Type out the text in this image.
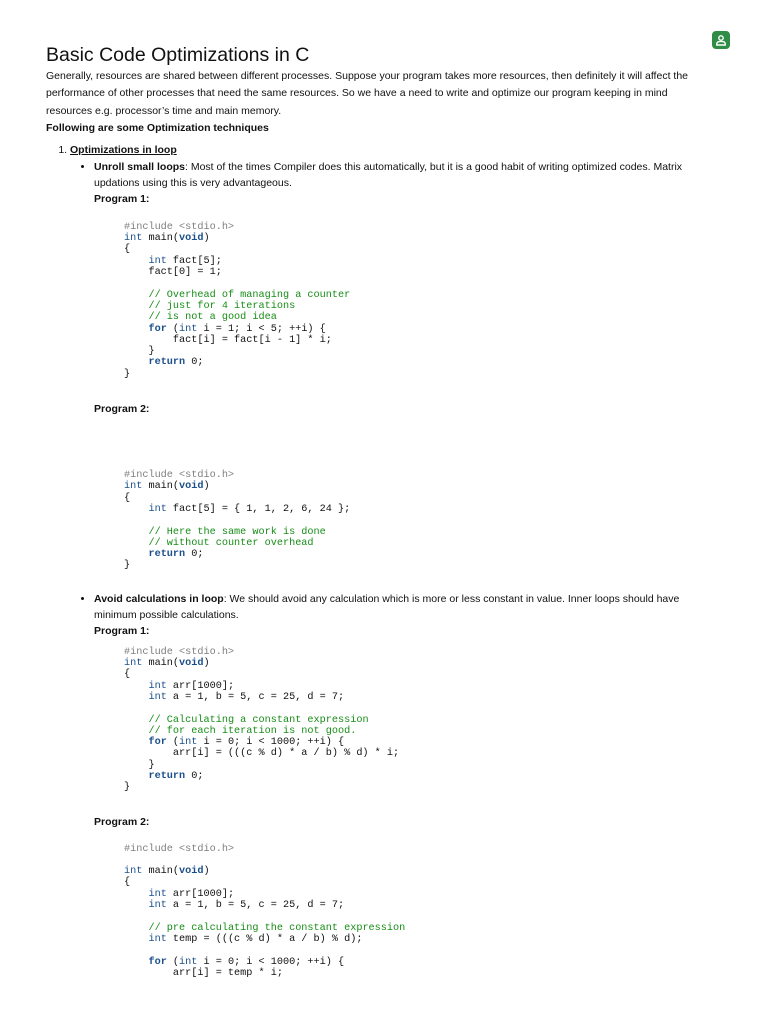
Basic Code Optimizations in C

Generally, resources are shared between different processes. Suppose your program takes more resources, then definitely it will affect the performance of other processes that need the same resources. So we have a need to write and optimize our program keeping in mind resources e.g. processor’s time and main memory.

Following are some Optimization techniques

1. Optimizations in loop
• Unroll small loops: Most of the times Compiler does this automatically, but it is a good habit of writing optimized codes. Matrix updations using this is very advantageous.
Program 1:
#include <stdio.h>
int main(void)
{
int fact[5];
fact[0] = 1;

// Overhead of managing a counter
// just for 4 iterations
// is not a good idea
for (int i = 1; i < 5; ++i) {
fact[i] = fact[i - 1] * i;
}
return 0;
}
Program 2:
#include <stdio.h>
int main(void)
{
int fact[5] = { 1, 1, 2, 6, 24 };

// Here the same work is done
// without counter overhead
return 0;
}
• Avoid calculations in loop: We should avoid any calculation which is more or less constant in value. Inner loops should have minimum possible calculations.
Program 1:
#include <stdio.h>
int main(void)
{
int arr[1000];
int a = 1, b = 5, c = 25, d = 7;

// Calculating a constant expression
// for each iteration is not good.
for (int i = 0; i < 1000; ++i) {
arr[i] = (((c % d) * a / b) % d) * i;
}
return 0;
}
Program 2:
#include <stdio.h>

int main(void)
{
int arr[1000];
int a = 1, b = 5, c = 25, d = 7;

// pre calculating the constant expression
int temp = (((c % d) * a / b) % d);

for (int i = 0; i < 1000; ++i) {
arr[i] = temp * i;
